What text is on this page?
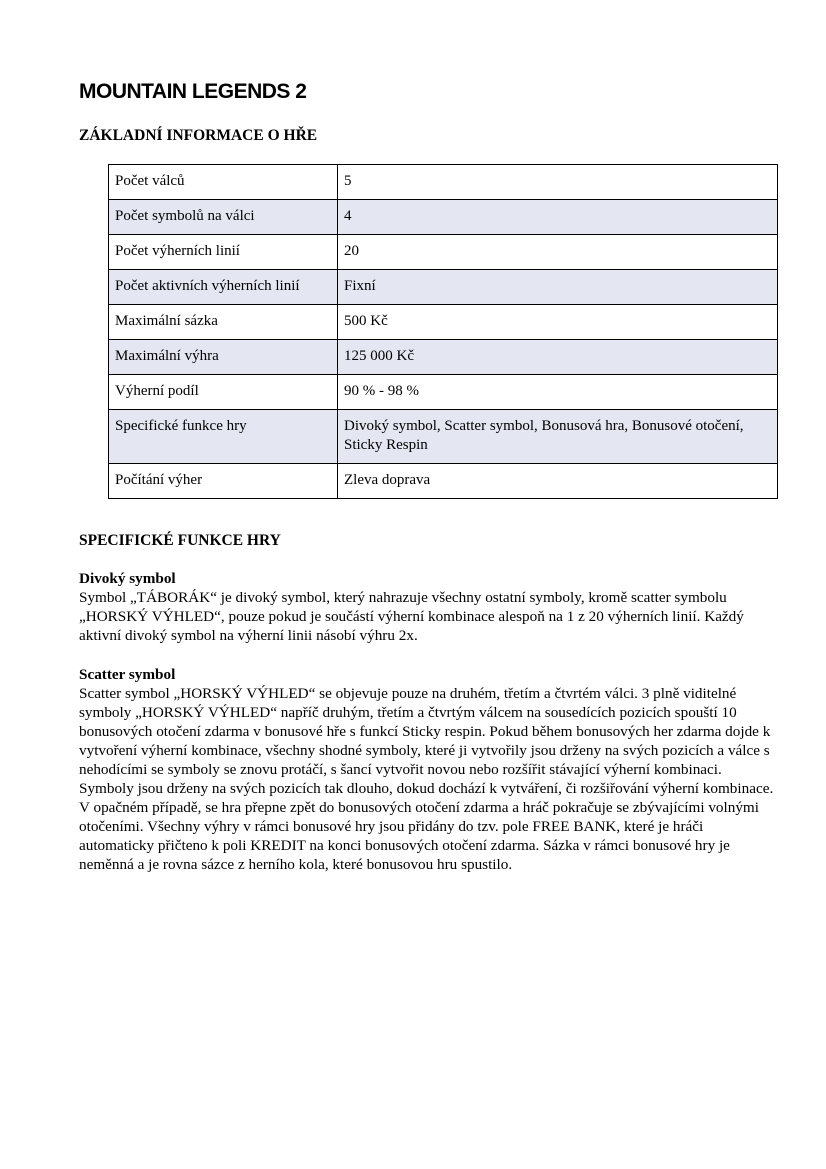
MOUNTAIN LEGENDS 2
ZÁKLADNÍ INFORMACE O HŘE
Počet válců	5
Počet symbolů na válci	4
Počet výherních linií	20
Počet aktivních výherních linií	Fixní
Maximální sázka	500 Kč
Maximální výhra	125 000 Kč
Výherní podíl	90 % - 98 %
Specifické funkce hry	Divoký symbol, Scatter symbol, Bonusová hra, Bonusové otočení, Sticky Respin
Počítání výher	Zleva doprava
SPECIFICKÉ FUNKCE HRY
Divoký symbol

Symbol „TÁBORÁK“ je divoký symbol, který nahrazuje všechny ostatní symboly, kromě scatter symbolu „HORSKÝ VÝHLED“, pouze pokud je součástí výherní kombinace alespoň na 1 z 20 výherních linií. Každý aktivní divoký symbol na výherní linii násobí výhru 2x.

Scatter symbol

Scatter symbol „HORSKÝ VÝHLED“ se objevuje pouze na druhém, třetím a čtvrtém válci. 3 plně viditelné symboly „HORSKÝ VÝHLED“ napříč druhým, třetím a čtvrtým válcem na sousedících pozicích spouští 10 bonusových otočení zdarma v bonusové hře s funkcí Sticky respin. Pokud během bonusových her zdarma dojde k vytvoření výherní kombinace, všechny shodné symboly, které ji vytvořily jsou drženy na svých pozicích a válce s nehodícími se symboly se znovu protáčí, s šancí vytvořit novou nebo rozšířit stávající výherní kombinaci. Symboly jsou drženy na svých pozicích tak dlouho, dokud dochází k vytváření, či rozšiřování výherní kombinace. V opačném případě, se hra přepne zpět do bonusových otočení zdarma a hráč pokračuje se zbývajícími volnými otočeními. Všechny výhry v rámci bonusové hry jsou přidány do tzv. pole FREE BANK, které je hráči automaticky přičteno k poli KREDIT na konci bonusových otočení zdarma. Sázka v rámci bonusové hry je neměnná a je rovna sázce z herního kola, které bonusovou hru spustilo.
